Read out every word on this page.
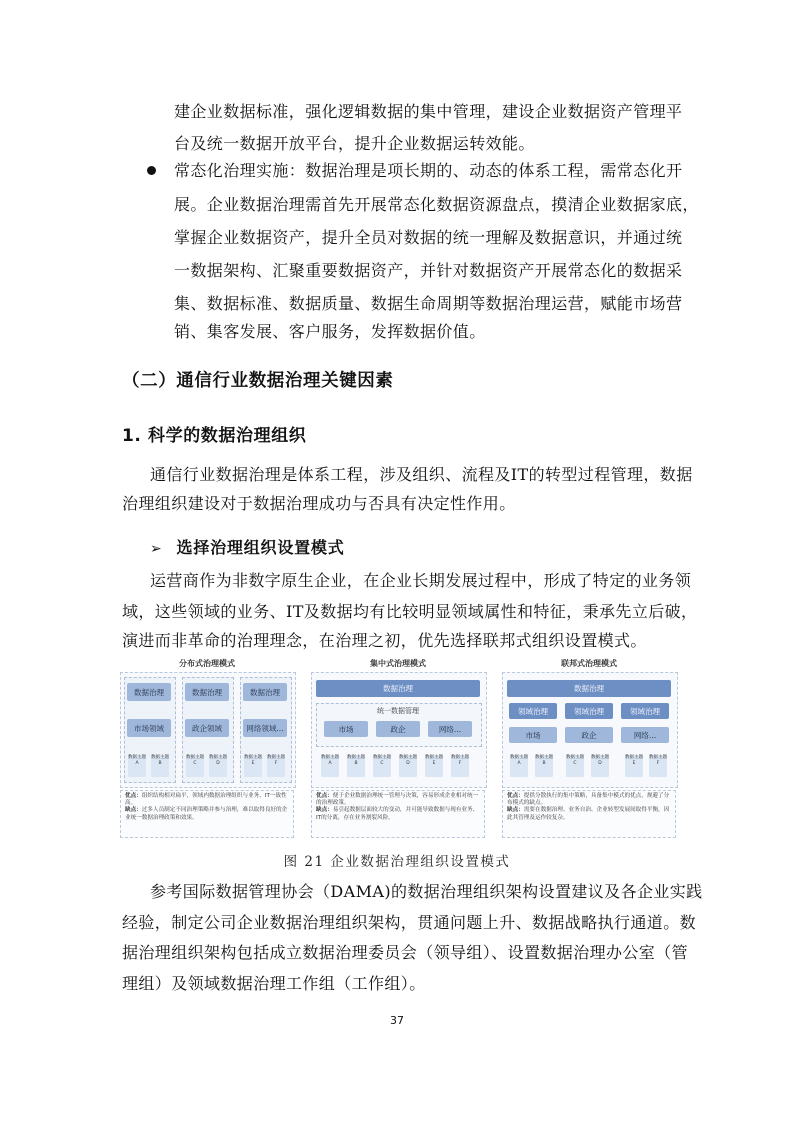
建企业数据标准，强化逻辑数据的集中管理，建设企业数据资产管理平
台及统一数据开放平台，提升企业数据运转效能。
常态化治理实施：数据治理是项长期的、动态的体系工程，需常态化开
展。企业数据治理需首先开展常态化数据资源盘点，摸清企业数据家底，
掌握企业数据资产，提升全员对数据的统一理解及数据意识，并通过统
一数据架构、汇聚重要数据资产，并针对数据资产开展常态化的数据采
集、数据标准、数据质量、数据生命周期等数据治理运营，赋能市场营
销、集客发展、客户服务，发挥数据价值。
（二）通信行业数据治理关键因素
1. 科学的数据治理组织
通信行业数据治理是体系工程，涉及组织、流程及IT的转型过程管理，数据
治理组织建设对于数据治理成功与否具有决定性作用。
➢ 选择治理组织设置模式
运营商作为非数字原生企业，在企业长期发展过程中，形成了特定的业务领
域，这些领域的业务、IT及数据均有比较明显领域属性和特征，秉承先立后破，
演进而非革命的治理理念，在治理之初，优先选择联邦式组织设置模式。
分布式治理模式
数据治理	数据治理	数据治理
市场领域	政企领域	网络领域...
数据主题A
数据主题B
数据主题C
数据主题D
数据主题E
数据主题F
优点：组织结构相对扁平，领域内数据治理组织与业务、IT一致性高。
缺点：过多人员制定不同治理策略并参与治理，难以取得良好的企业统一数据治理政策和效果。
集中式治理模式
数据治理
统一数据管理
市场	政企	网络...
数据主题A
数据主题B
数据主题C
数据主题D
数据主题E
数据主题F
优点：便于企业数据治理统一管理与决策，容易形成企业相对统一的治理政策。
缺点：易引起数据层面较大的变动，并可能导致数据与现有业务、IT的分离，存在业务割裂风险。
联邦式治理模式
数据治理
领域治理	领域治理	领域治理
市场	政企	网络...
数据主题A
数据主题B
数据主题C
数据主题D
数据主题E
数据主题F
优点：提供分散执行的集中策略，具备集中模式的优点，规避了分布模式的缺点。
缺点：需要在数据治理、业务自治、企业转型发展间取得平衡，因此其管理及运作较复杂。
图 21 企业数据治理组织设置模式
参考国际数据管理协会（DAMA)的数据治理组织架构设置建议及各企业实践
经验，制定公司企业数据治理组织架构，贯通问题上升、数据战略执行通道。数
据治理组织架构包括成立数据治理委员会（领导组）、设置数据治理办公室（管
理组）及领域数据治理工作组（工作组）。
37
